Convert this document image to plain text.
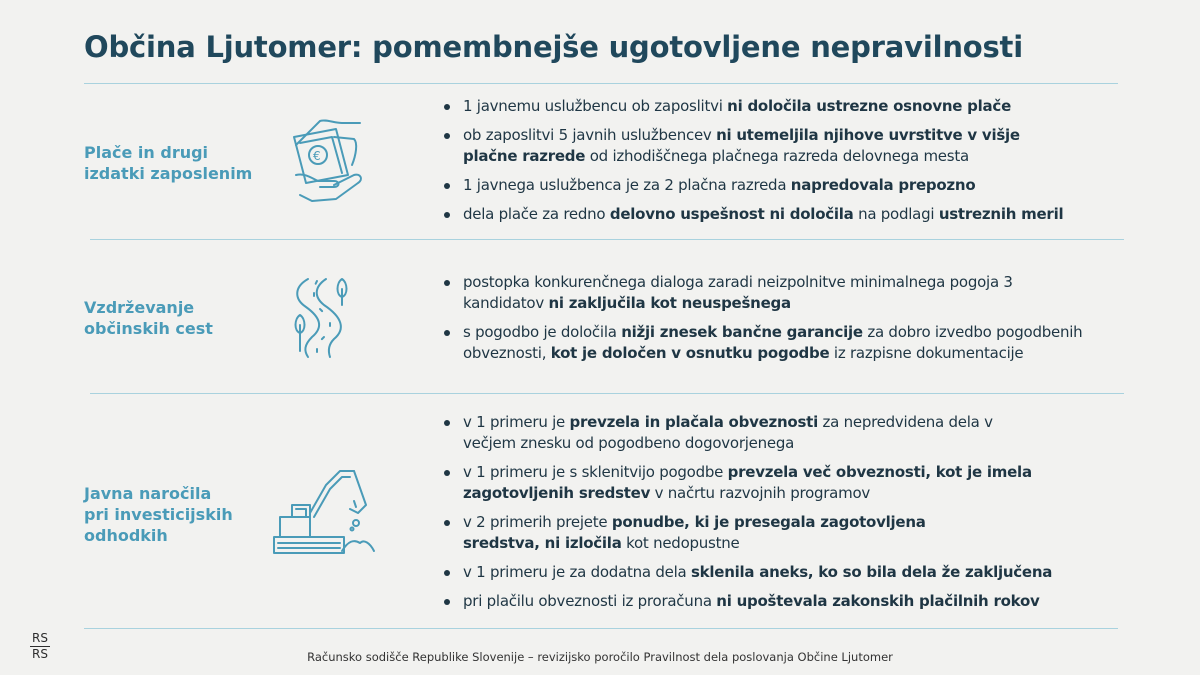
Občina Ljutomer: pomembnejše ugotovljene nepravilnosti
Plače in drugi
izdatki zaposlenim
€
1 javnemu uslužbencu ob zaposlitvi ni določila ustrezne osnovne plače
ob zaposlitvi 5 javnih uslužbencev ni utemeljila njihove uvrstitve v višje plačne razrede od izhodiščnega plačnega razreda delovnega mesta
1 javnega uslužbenca je za 2 plačna razreda napredovala prepozno
dela plače za redno delovno uspešnost ni določila na podlagi ustreznih meril
Vzdrževanje
občinskih cest
postopka konkurenčnega dialoga zaradi neizpolnitve minimalnega pogoja 3 kandidatov ni zaključila kot neuspešnega
s pogodbo je določila nižji znesek bančne garancije za dobro izvedbo pogodbenih obveznosti, kot je določen v osnutku pogodbe iz razpisne dokumentacije
Javna naročila
pri investicijskih
odhodkih
v 1 primeru je prevzela in plačala obveznosti za nepredvidena dela v večjem znesku od pogodbeno dogovorjenega
v 1 primeru je s sklenitvijo pogodbe prevzela več obveznosti, kot je imela zagotovljenih sredstev v načrtu razvojnih programov
v 2 primerih prejete ponudbe, ki je presegala zagotovljena sredstva, ni izločila kot nedopustne
v 1 primeru je za dodatna dela sklenila aneks, ko so bila dela že zaključena
pri plačilu obveznosti iz proračuna ni upoštevala zakonskih plačilnih rokov
RS
RS	Računsko sodišče Republike Slovenije – revizijsko poročilo Pravilnost dela poslovanja Občine Ljutomer
